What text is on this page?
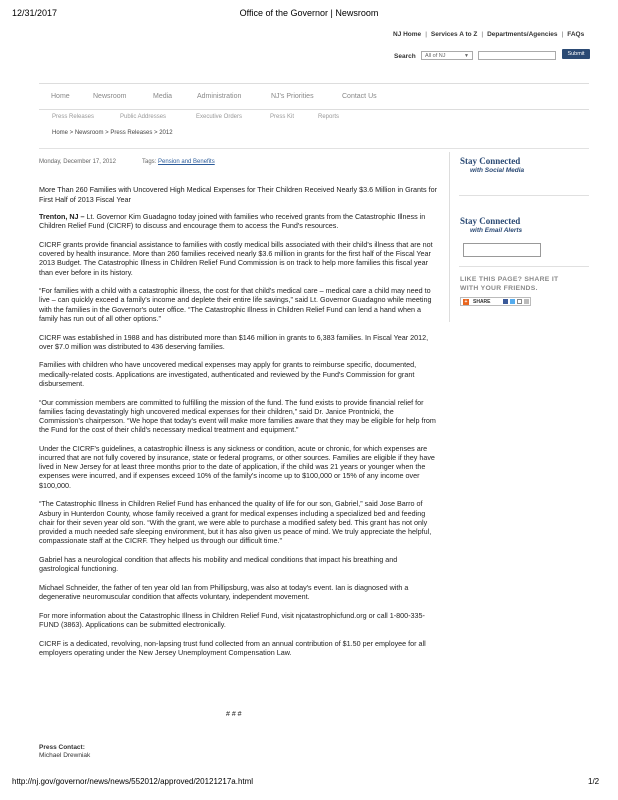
12/31/2017	Office of the Governor | Newsroom
http://nj.gov/governor/news/news/552012/approved/20121217a.html	1/2
NJ Home | Services A to Z | Departments/Agencies | FAQs
Search	All of NJ	▼	Submit
Home	Newsroom	Media	Administration	NJ's Priorities	Contact Us
Press Releases	Public Addresses	Executive Orders	Press Kit	Reports
Home > Newsroom > Press Releases > 2012
Monday, December 17, 2012	Tags: Pension and Benefits
More Than 260 Families with Uncovered High Medical Expenses for Their Children Received Nearly $3.6 Million in Grants for First Half of 2013 Fiscal Year

Trenton, NJ – Lt. Governor Kim Guadagno today joined with families who received grants from the Catastrophic Illness in Children Relief Fund (CICRF) to discuss and encourage them to access the Fund's resources.

CICRF grants provide financial assistance to families with costly medical bills associated with their child's illness that are not covered by health insurance. More than 260 families received nearly $3.6 million in grants for the first half of the Fiscal Year 2013 Budget. The Catastrophic Illness in Children Relief Fund Commission is on track to help more families this fiscal year than ever before in its history.

“For families with a child with a catastrophic illness, the cost for that child's medical care – medical care a child may need to live – can quickly exceed a family's income and deplete their entire life savings,” said Lt. Governor Guadagno while meeting with the families in the Governor's outer office. “The Catastrophic Illness in Children Relief Fund can lend a hand when a family has run out of all other options.”

CICRF was established in 1988 and has distributed more than $146 million in grants to 6,383 families. In Fiscal Year 2012, over $7.0 million was distributed to 436 deserving families.

Families with children who have uncovered medical expenses may apply for grants to reimburse specific, documented, medically-related costs. Applications are investigated, authenticated and reviewed by the Fund's Commission for grant disbursement.

“Our commission members are committed to fulfilling the mission of the fund. The fund exists to provide financial relief for families facing devastatingly high uncovered medical expenses for their children,” said Dr. Janice Prontnicki, the Commission's chairperson. “We hope that today's event will make more families aware that they may be eligible for help from the Fund for the cost of their child's necessary medical treatment and equipment.”

Under the CICRF's guidelines, a catastrophic illness is any sickness or condition, acute or chronic, for which expenses are incurred that are not fully covered by insurance, state or federal programs, or other sources. Families are eligible if they have lived in New Jersey for at least three months prior to the date of application, if the child was 21 years or younger when the expenses were incurred, and if expenses exceed 10% of the family's income up to $100,000 or 15% of any income over $100,000.

“The Catastrophic Illness in Children Relief Fund has enhanced the quality of life for our son, Gabriel,” said Jose Barro of Asbury in Hunterdon County, whose family received a grant for medical expenses including a specialized bed and feeding chair for their seven year old son. “With the grant, we were able to purchase a modified safety bed. This grant has not only provided a much needed safe sleeping environment, but it has also given us peace of mind. We truly appreciate the helpful, compassionate staff at the CICRF. They helped us through our difficult time.”

Gabriel has a neurological condition that affects his mobility and medical conditions that impact his breathing and gastrological functioning.

Michael Schneider, the father of ten year old Ian from Phillipsburg, was also at today's event. Ian is diagnosed with a degenerative neuromuscular condition that affects voluntary, independent movement.

For more information about the Catastrophic Illness in Children Relief Fund, visit njcatastrophicfund.org or call 1-800-335-FUND (3863). Applications can be submitted electronically.

CICRF is a dedicated, revolving, non-lapsing trust fund collected from an annual contribution of $1.50 per employee for all employers operating under the New Jersey Unemployment Compensation Law.

# # #
Press Contact:
Michael Drewniak
Stay Connected
with Social Media
Stay Connected
with Email Alerts
LIKE THIS PAGE? SHARE IT
WITH YOUR FRIENDS.
+	SHARE
